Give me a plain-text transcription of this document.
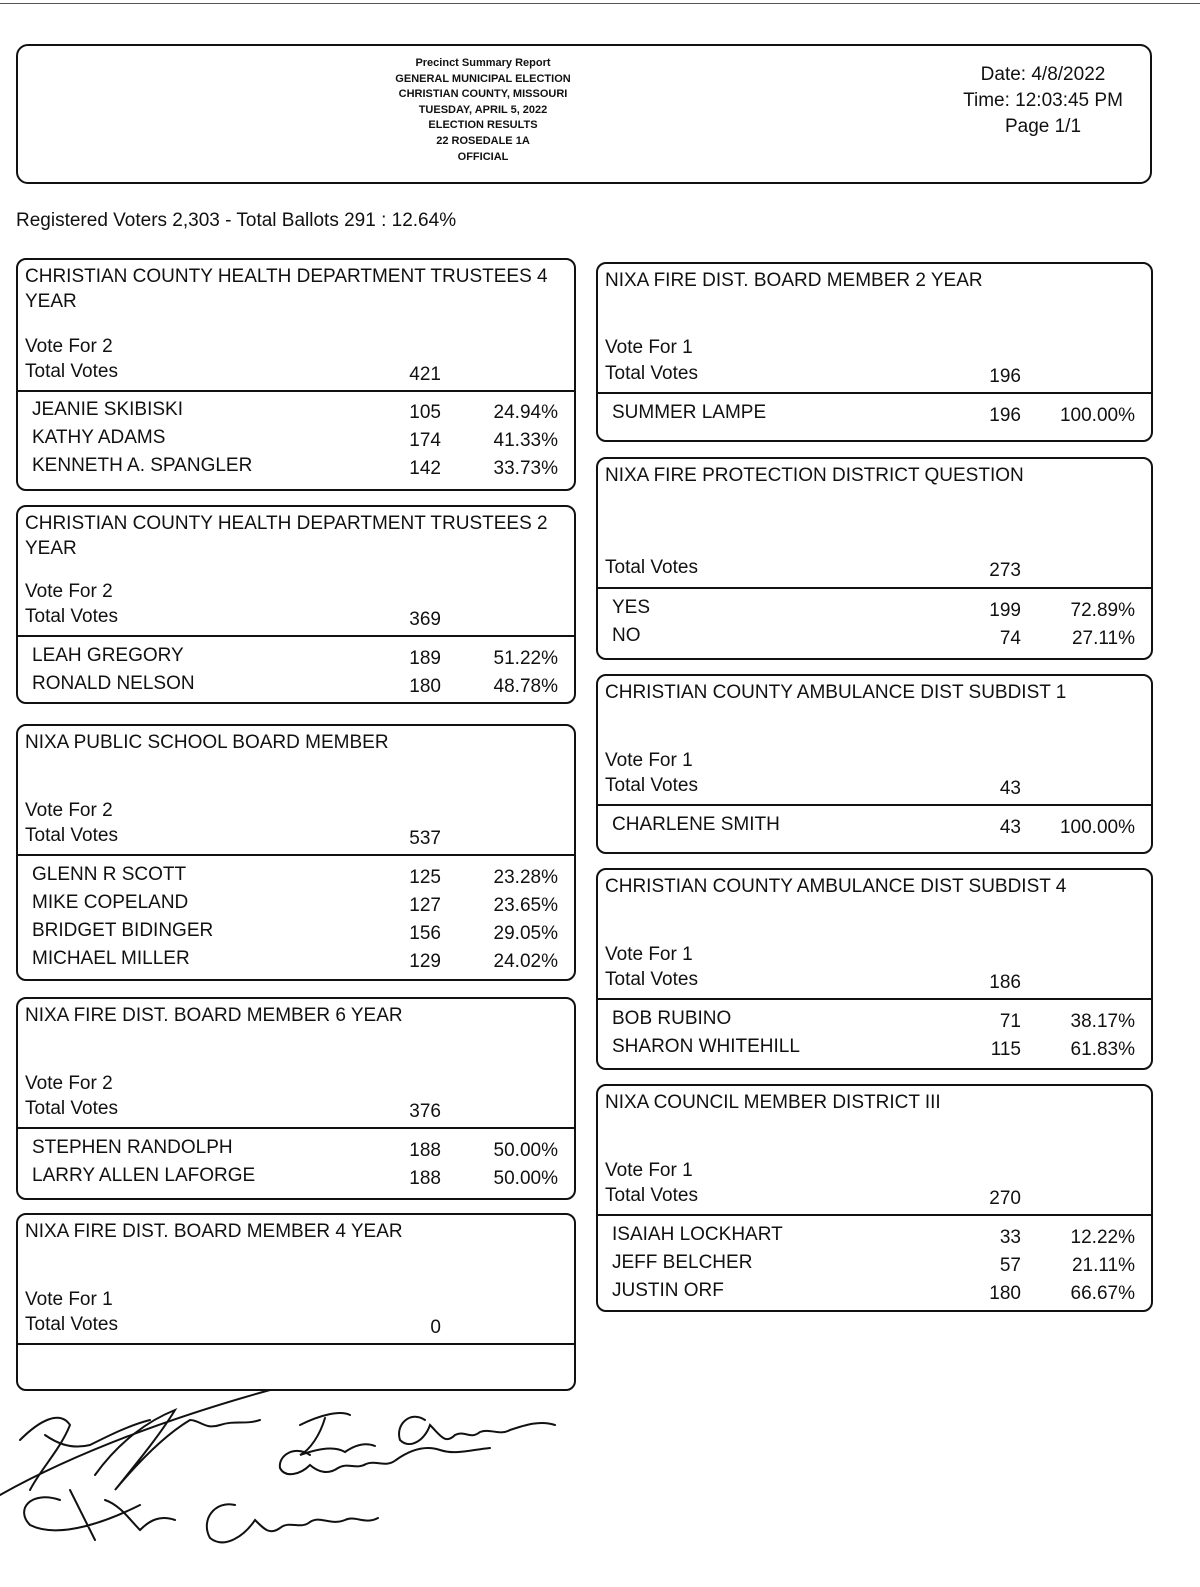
Precinct Summary Report
GENERAL MUNICIPAL ELECTION
CHRISTIAN COUNTY, MISSOURI
TUESDAY, APRIL 5, 2022
ELECTION RESULTS
22 ROSEDALE 1A
OFFICIAL
Date: 4/8/2022
Time: 12:03:45 PM
Page 1/1
Registered Voters 2,303 - Total Ballots 291 : 12.64%
CHRISTIAN COUNTY HEALTH DEPARTMENT TRUSTEES 4 YEAR
Vote For 2
Total Votes	421
JEANIE SKIBISKI	105	24.94%
KATHY ADAMS	174	41.33%
KENNETH A. SPANGLER	142	33.73%
CHRISTIAN COUNTY HEALTH DEPARTMENT TRUSTEES 2 YEAR
Vote For 2
Total Votes	369
LEAH GREGORY	189	51.22%
RONALD NELSON	180	48.78%
NIXA PUBLIC SCHOOL BOARD MEMBER
Vote For 2
Total Votes	537
GLENN R SCOTT	125	23.28%
MIKE COPELAND	127	23.65%
BRIDGET BIDINGER	156	29.05%
MICHAEL MILLER	129	24.02%
NIXA FIRE DIST. BOARD MEMBER 6 YEAR
Vote For 2
Total Votes	376
STEPHEN RANDOLPH	188	50.00%
LARRY ALLEN LAFORGE	188	50.00%
NIXA FIRE DIST. BOARD MEMBER 4 YEAR
Vote For 1
Total Votes	0
NIXA FIRE DIST. BOARD MEMBER 2 YEAR
Vote For 1
Total Votes	196
SUMMER LAMPE	196 100.00%
NIXA FIRE PROTECTION DISTRICT QUESTION
Total Votes	273
YES	199	72.89%
NO	74	27.11%
CHRISTIAN COUNTY AMBULANCE DIST SUBDIST 1
Vote For 1
Total Votes	43
CHARLENE SMITH	43 100.00%
CHRISTIAN COUNTY AMBULANCE DIST SUBDIST 4
Vote For 1
Total Votes	186
BOB RUBINO	71	38.17%
SHARON WHITEHILL	115	61.83%
NIXA COUNCIL MEMBER DISTRICT III
Vote For 1
Total Votes	270
ISAIAH LOCKHART	33	12.22%
JEFF BELCHER	57	21.11%
JUSTIN ORF	180	66.67%
